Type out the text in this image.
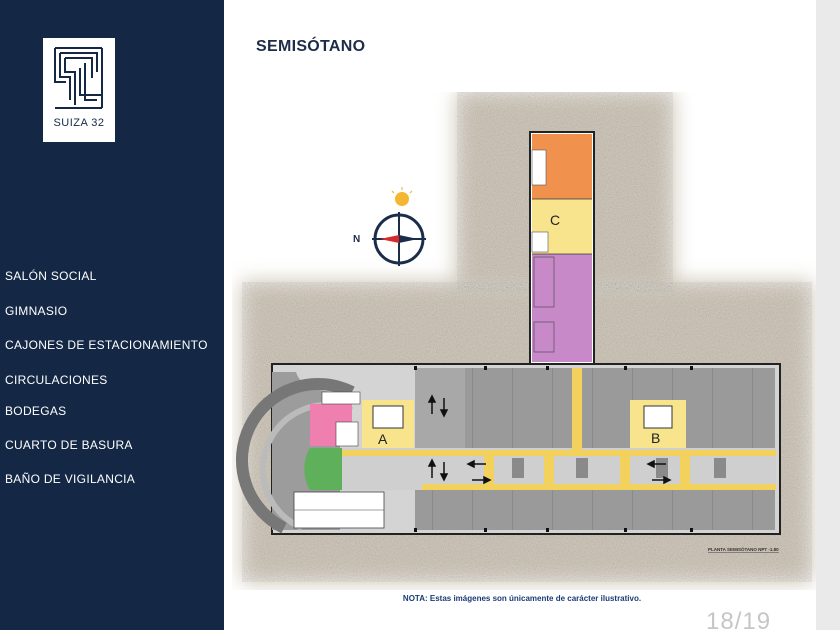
SUIZA 32
SALÓN SOCIAL
GIMNASIO
CAJONES DE ESTACIONAMIENTO
CIRCULACIONES
BODEGAS
CUARTO DE BASURA
BAÑO DE VIGILANCIA
SEMISÓTANO
N
C
A	B
PLANTA SEMISÓTANO NPT -1.80
NOTA: Estas imágenes son únicamente de carácter ilustrativo.
18/19
